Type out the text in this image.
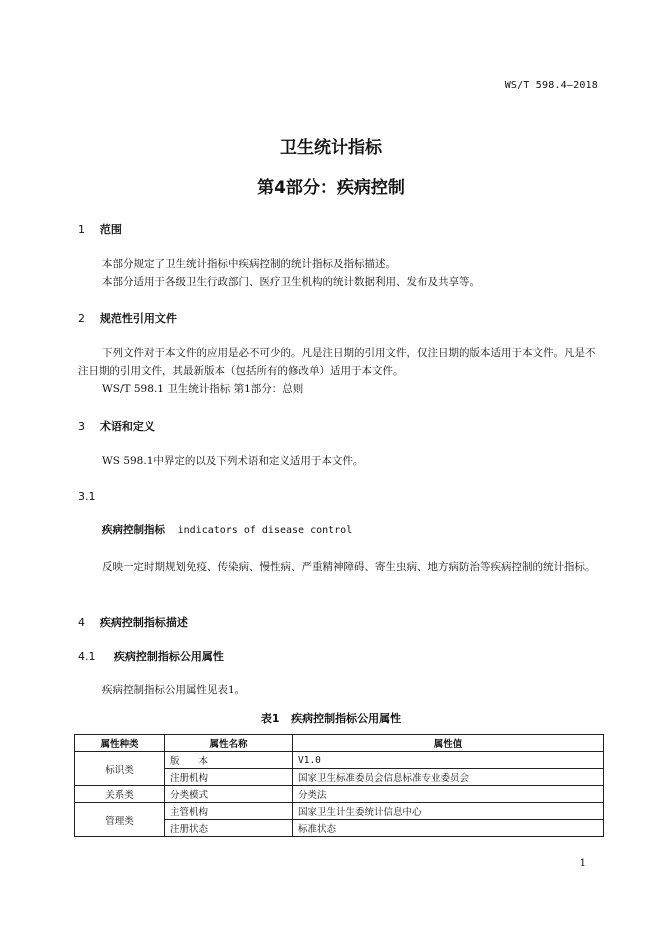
WS/T 598.4—2018
卫生统计指标
第4部分：疾病控制
1 范围
本部分规定了卫生统计指标中疾病控制的统计指标及指标描述。
本部分适用于各级卫生行政部门、医疗卫生机构的统计数据利用、发布及共享等。
2 规范性引用文件
下列文件对于本文件的应用是必不可少的。凡是注日期的引用文件，仅注日期的版本适用于本文件。凡是不注日期的引用文件，其最新版本（包括所有的修改单）适用于本文件。
WS/T 598.1 卫生统计指标 第1部分：总则
3 术语和定义
WS 598.1中界定的以及下列术语和定义适用于本文件。
3.1
疾病控制指标 indicators of disease control
反映一定时期规划免疫、传染病、慢性病、严重精神障碍、寄生虫病、地方病防治等疾病控制的统计指标。
4 疾病控制指标描述
4.1 疾病控制指标公用属性
疾病控制指标公用属性见表1。
表1   疾病控制指标公用属性
属性种类	属性名称	属性值
标识类	版　　本	V1.0
	注册机构	国家卫生标准委员会信息标准专业委员会
关系类	分类模式	分类法
管理类	主管机构	国家卫生计生委统计信息中心
	注册状态	标准状态
1
